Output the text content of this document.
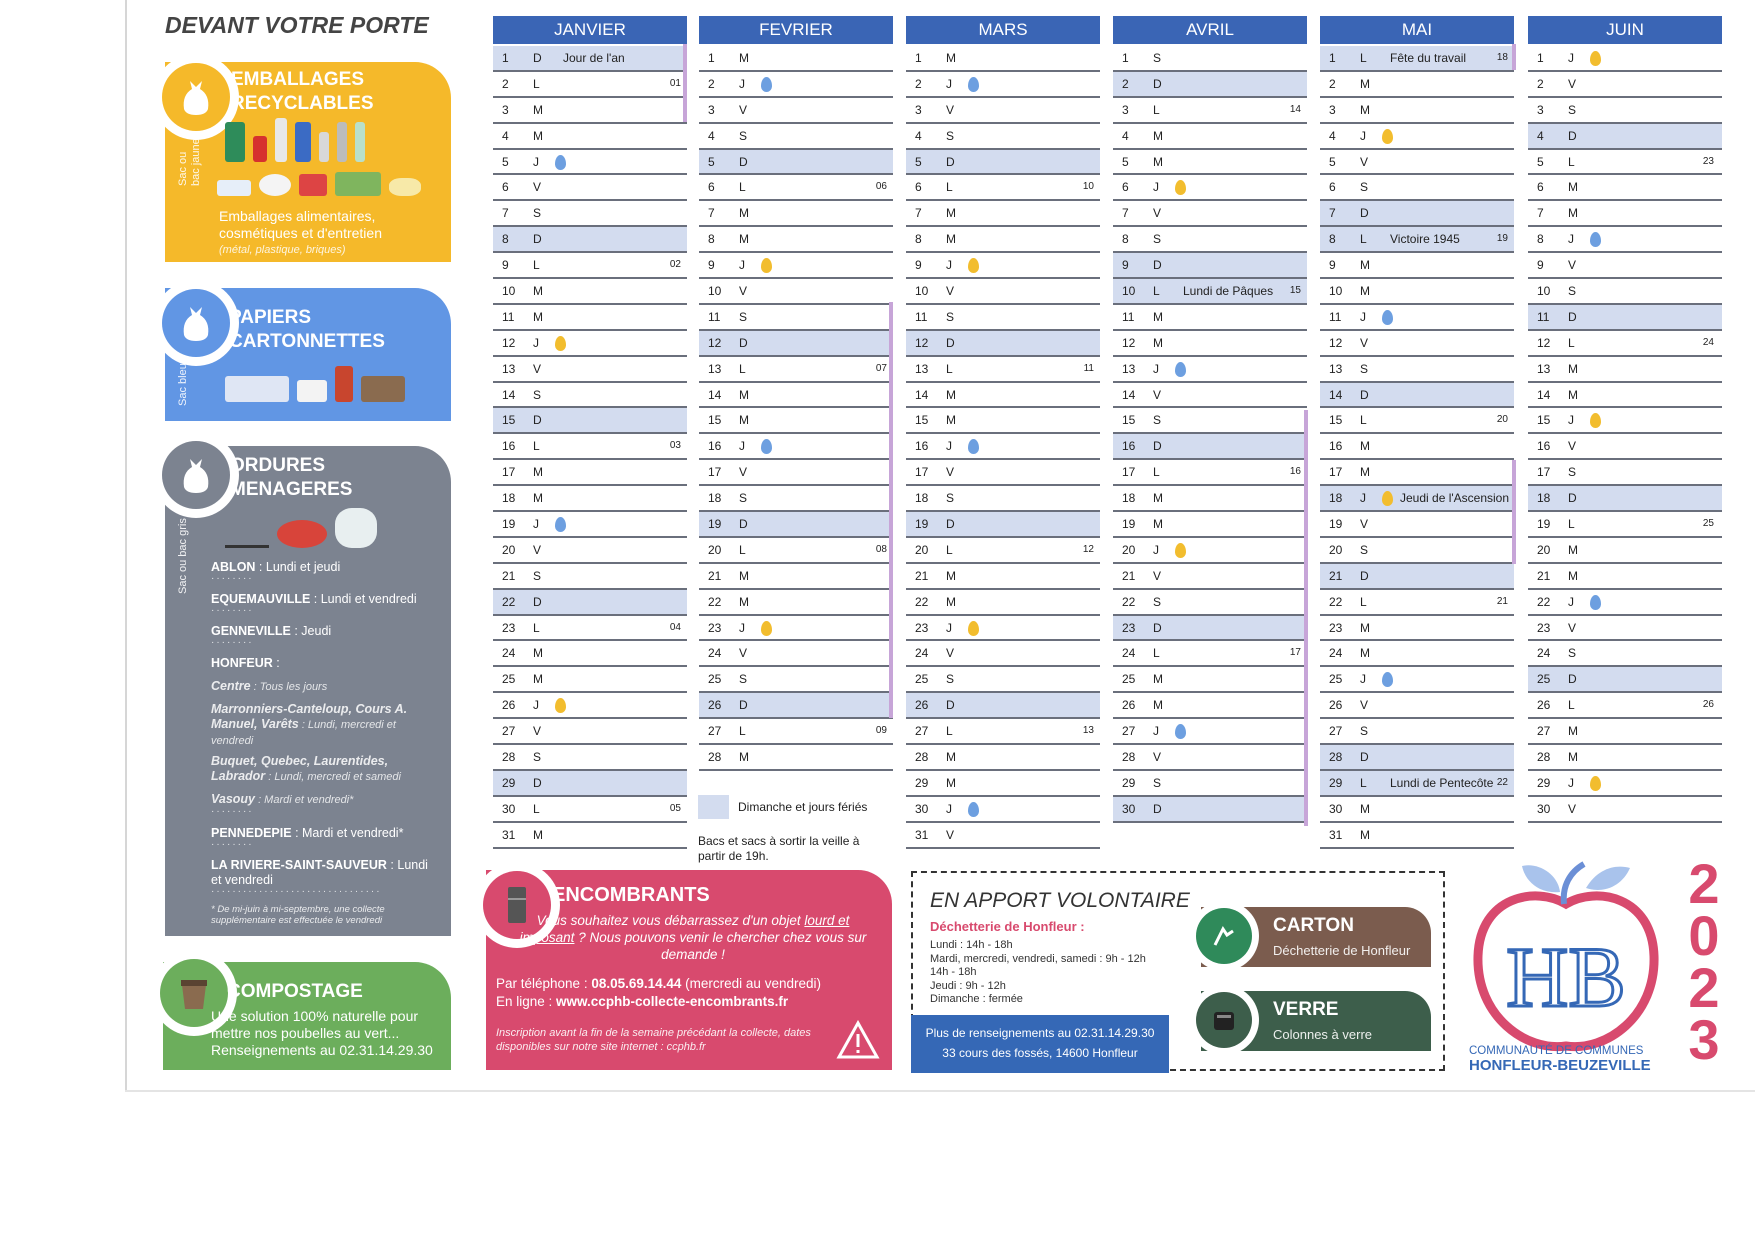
DEVANT VOTRE PORTE
EMBALLAGES
RECYCLABLES
Sac ou
bac jaune
Emballages alimentaires, cosmétiques et d'entretien
(métal, plastique, briques)
PAPIERS
CARTONNETTES
Sac bleu
ORDURES
MENAGERES
Sac ou bac gris ABLON : Lundi et jeudi
········
EQUEMAUVILLE : Lundi et vendredi
········
GENNEVILLE : Jeudi
········
HONFEUR :
Centre : Tous les jours
Marronniers-Canteloup, Cours A. Manuel, Varêts : Lundi, mercredi et vendredi
Buquet, Quebec, Laurentides, Labrador : Lundi, mercredi et samedi
Vasouy : Mardi et vendredi*
········
PENNEDEPIE : Mardi et vendredi*
········
LA RIVIERE-SAINT-SAUVEUR : Lundi et vendredi
································
* De mi-juin à mi-septembre, une collecte supplémentaire est effectuée le vendredi
COMPOSTAGE
Une solution 100% naturelle pour mettre nos poubelles au vert...
Renseignements au 02.31.14.29.30
JANVIER
1 D Jour de l'an
2 L	01
3 M
4 M
5 J
6 V
7 S
8 D
9 L	02
10 M
11 M
12 J
13 V
14 S
15 D
16 L	03
17 M
18 M
19 J
20 V
21 S
22 D
23 L	04
24 M
25 M
26 J
27 V
28 S
29 D
30 L	05
31 M
FEVRIER
1 M
2 J
3 V
4 S
5 D
6 L	06
7 M
8 M
9 J
10 V
11 S
12 D
13 L	07
14 M
15 M
16 J
17 V
18 S
19 D
20 L	08
21 M
22 M
23 J
24 V
25 S
26 D
27 L	09
28 M
MARS
1 M
2 J
3 V
4 S
5 D
6 L	10
7 M
8 M
9 J
10 V
11 S
12 D
13 L	11
14 M
15 M
16 J
17 V
18 S
19 D
20 L	12
21 M
22 M
23 J
24 V
25 S
26 D
27 L	13
28 M
29 M
30 J
31 V
AVRIL
1 S
2 D
3 L	14
4 M
5 M
6 J
7 V
8 S
9 D
10 L Lundi de Pâques 15
11 M
12 M
13 J
14 V
15 S
16 D
17 L	16
18 M
19 M
20 J
21 V
22 S
23 D
24 L	17
25 M
26 M
27 J
28 V
29 S
30 D
MAI
1 L Fête du travail	18
2 M
3 M
4 J
5 V
6 S
7 D
8 L Victoire 1945	19
9 M
10 M
11 J
12 V
13 S
14 D
15 L	20
16 M
17 M
18 J	Jeudi de l'Ascension
19 V
20 S
21 D
22 L	21
23 M
24 M
25 J
26 V
27 S
28 D
29 L Lundi de Pentecôte 22
30 M
31 M
JUIN
1 J
2 V
3 S
4 D
5 L	23
6 M
7 M
8 J
9 V
10 S
11 D
12 L	24
13 M
14 M
15 J
16 V
17 S
18 D
19 L	25
20 M
21 M
22 J
23 V
24 S
25 D
26 L	26
27 M
28 M
29 J
30 V
Dimanche et jours fériés
Bacs et sacs à sortir la veille à partir de 19h.
ENCOMBRANTS
Vous souhaitez vous débarrassez d'un objet lourd et imposant ? Nous pouvons venir le chercher chez vous sur demande !
Par téléphone : 08.05.69.14.44 (mercredi au vendredi)
En ligne : www.ccphb-collecte-encombrants.fr
Inscription avant la fin de la semaine précédant la collecte, dates disponibles sur notre site internet : ccphb.fr
EN APPORT VOLONTAIRE
Déchetterie de Honfleur :
Lundi : 14h - 18h
Mardi, mercredi, vendredi, samedi : 9h - 12h
14h - 18h
Jeudi : 9h - 12h
Dimanche : fermée
Plus de renseignements au 02.31.14.29.30
33 cours des fossés, 14600 Honfleur
CARTON
Déchetterie de Honfleur
VERRE
Colonnes à verre
HB
COMMUNAUTÉ DE COMMUNES
HONFLEUR-BEUZEVILLE
2
0
2
3
